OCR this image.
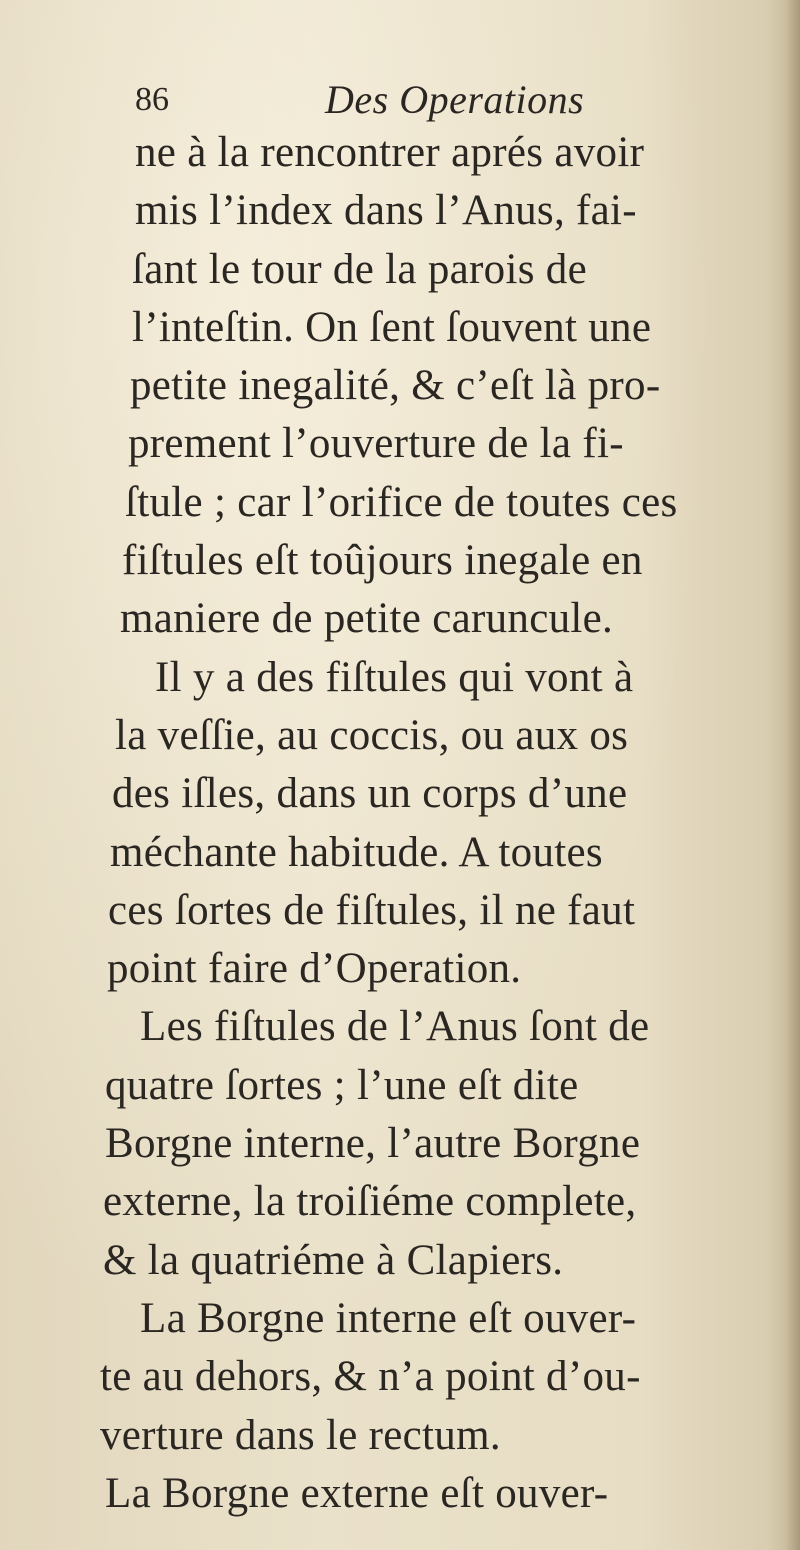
86	Des Operations
ne à la rencontrer aprés avoir
mis l’index dans l’Anus, fai-
ſant le tour de la parois de
l’inteſtin. On ſent ſouvent une
petite inegalité, & c’eſt là pro-
prement l’ouverture de la fi-
ſtule ; car l’orifice de toutes ces
fiſtules eſt toûjours inegale en
maniere de petite caruncule.
Il y a des fiſtules qui vont à
la veſſie, au coccis, ou aux os
des iſles, dans un corps d’une
méchante habitude. A toutes
ces ſortes de fiſtules, il ne faut
point faire d’Operation.
Les fiſtules de l’Anus ſont de
quatre ſortes ; l’une eſt dite
Borgne interne, l’autre Borgne
externe, la troiſiéme complete,
& la quatriéme à Clapiers.
La Borgne interne eſt ouver-
te au dehors, & n’a point d’ou-
verture dans le rectum.
La Borgne externe eſt ouver-
